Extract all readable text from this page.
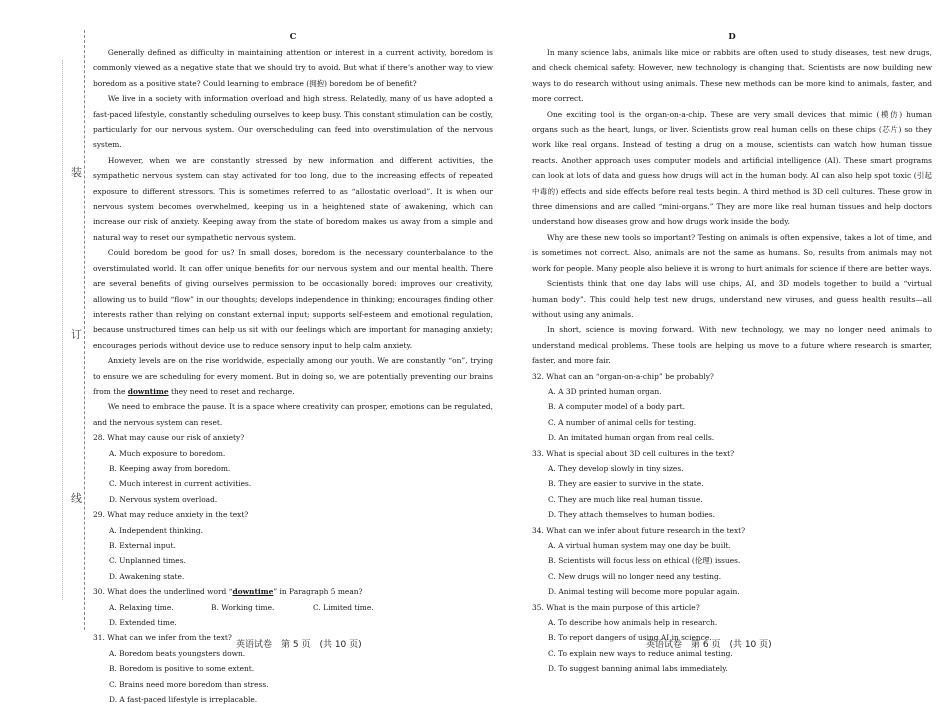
装
订
线
C

Generally defined as difficulty in maintaining attention or interest in a current activity, boredom is commonly viewed as a negative state that we should try to avoid. But what if there’s another way to view boredom as a positive state? Could learning to embrace (拥抱) boredom be of benefit?

We live in a society with information overload and high stress. Relatedly, many of us have adopted a fast-paced lifestyle, constantly scheduling ourselves to keep busy. This constant stimulation can be costly, particularly for our nervous system. Our overscheduling can feed into overstimulation of the nervous system.

However, when we are constantly stressed by new information and different activities, the sympathetic nervous system can stay activated for too long, due to the increasing effects of repeated exposure to different stressors. This is sometimes referred to as “allostatic overload”. It is when our nervous system becomes overwhelmed, keeping us in a heightened state of awakening, which can increase our risk of anxiety. Keeping away from the state of boredom makes us away from a simple and natural way to reset our sympathetic nervous system.

Could boredom be good for us? In small doses, boredom is the necessary counterbalance to the overstimulated world. It can offer unique benefits for our nervous system and our mental health. There are several benefits of giving ourselves permission to be occasionally bored: improves our creativity, allowing us to build “flow” in our thoughts; develops independence in thinking; encourages finding other interests rather than relying on constant external input; supports self-esteem and emotional regulation, because unstructured times can help us sit with our feelings which are important for managing anxiety; encourages periods without device use to reduce sensory input to help calm anxiety.

Anxiety levels are on the rise worldwide, especially among our youth. We are constantly “on”, trying to ensure we are scheduling for every moment. But in doing so, we are potentially preventing our brains from the downtime they need to reset and recharge.

We need to embrace the pause. It is a space where creativity can prosper, emotions can be regulated, and the nervous system can reset.

28. What may cause our risk of anxiety?
A. Much exposure to boredom.
B. Keeping away from boredom.
C. Much interest in current activities.
D. Nervous system overload.
29. What may reduce anxiety in the text?
A. Independent thinking.
B. External input.
C. Unplanned times.
D. Awakening state.
30. What does the underlined word “downtime” in Paragraph 5 mean?
A. Relaxing time.	B. Working time.	C. Limited time.
D. Extended time.
31. What can we infer from the text?
A. Boredom beats youngsters down.
B. Boredom is positive to some extent.
C. Brains need more boredom than stress.
D. A fast-paced lifestyle is irreplacable.
D

In many science labs, animals like mice or rabbits are often used to study diseases, test new drugs, and check chemical safety. However, new technology is changing that. Scientists are now building new ways to do research without using animals. These new methods can be more kind to animals, faster, and more correct.

One exciting tool is the organ-on-a-chip. These are very small devices that mimic (模仿) human organs such as the heart, lungs, or liver. Scientists grow real human cells on these chips (芯片) so they work like real organs. Instead of testing a drug on a mouse, scientists can watch how human tissue reacts. Another approach uses computer models and artificial intelligence (AI). These smart programs can look at lots of data and guess how drugs will act in the human body. AI can also help spot toxic (引起中毒的) effects and side effects before real tests begin. A third method is 3D cell cultures. These grow in three dimensions and are called “mini-organs.” They are more like real human tissues and help doctors understand how diseases grow and how drugs work inside the body.

Why are these new tools so important? Testing on animals is often expensive, takes a lot of time, and is sometimes not correct. Also, animals are not the same as humans. So, results from animals may not work for people. Many people also believe it is wrong to hurt animals for science if there are better ways.

Scientists think that one day labs will use chips, AI, and 3D models together to build a “virtual human body”. This could help test new drugs, understand new viruses, and guess health results—all without using any animals.

In short, science is moving forward. With new technology, we may no longer need animals to understand medical problems. These tools are helping us move to a future where research is smarter, faster, and more fair.

32. What can an “organ-on-a-chip” be probably?
A. A 3D printed human organ.
B. A computer model of a body part.
C. A number of animal cells for testing.
D. An imitated human organ from real cells.
33. What is special about 3D cell cultures in the text?
A. They develop slowly in tiny sizes.
B. They are easier to survive in the state.
C. They are much like real human tissue.
D. They attach themselves to human bodies.
34. What can we infer about future research in the text?
A. A virtual human system may one day be built.
B. Scientists will focus less on ethical (伦理) issues.
C. New drugs will no longer need any testing.
D. Animal testing will become more popular again.
35. What is the main purpose of this article?
A. To describe how animals help in research.
B. To report dangers of using AI in science.
C. To explain new ways to reduce animal testing.
D. To suggest banning animal labs immediately.
英语试卷　第 5 页　(共 10 页)	英语试卷　第 6 页　(共 10 页)
